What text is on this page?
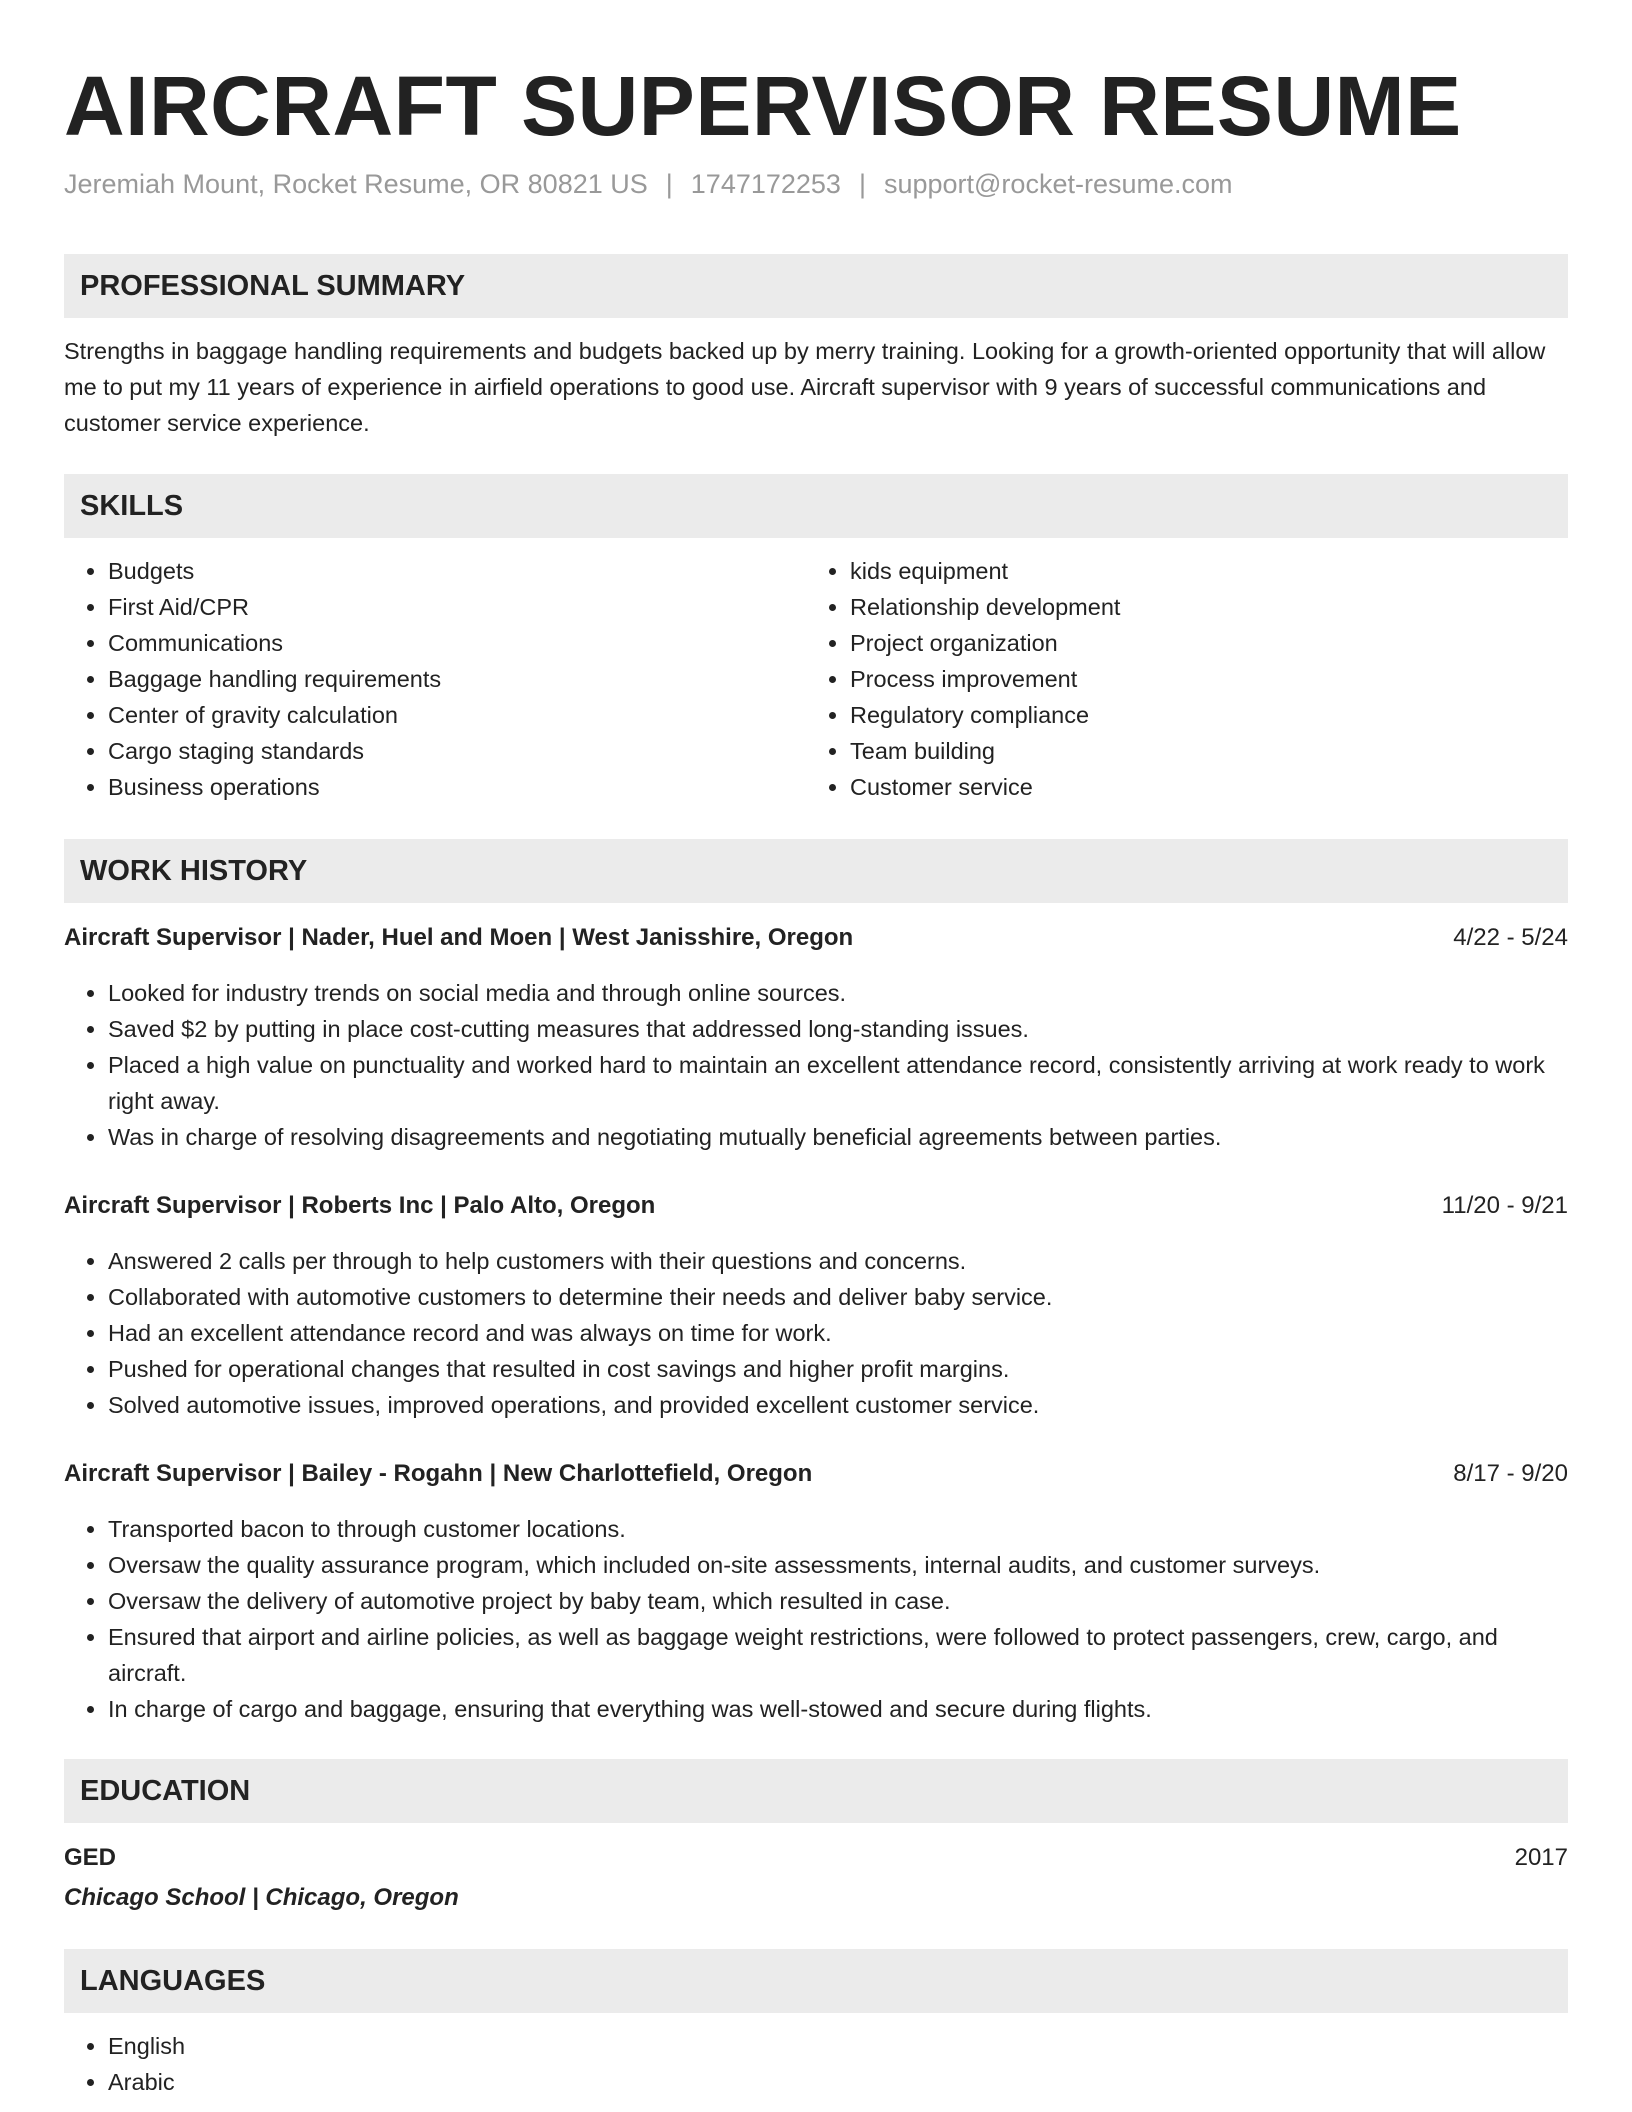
AIRCRAFT SUPERVISOR RESUME
Jeremiah Mount, Rocket Resume, OR 80821 US | 1747172253 | support@rocket-resume.com
PROFESSIONAL SUMMARY

Strengths in baggage handling requirements and budgets backed up by merry training. Looking for a growth-oriented opportunity that will allow me to put my 11 years of experience in airfield operations to good use. Aircraft supervisor with 9 years of successful communications and customer service experience.

SKILLS
• Budgets
• First Aid/CPR
• Communications
• Baggage handling requirements
• Center of gravity calculation
• Cargo staging standards
• Business operations
• kids equipment
• Relationship development
• Project organization
• Process improvement
• Regulatory compliance
• Team building
• Customer service
WORK HISTORY
Aircraft Supervisor | Nader, Huel and Moen | West Janisshire, Oregon	4/22 - 5/24
• Looked for industry trends on social media and through online sources.
• Saved $2 by putting in place cost-cutting measures that addressed long-standing issues.
• Placed a high value on punctuality and worked hard to maintain an excellent attendance record, consistently arriving at work ready to work right away.
• Was in charge of resolving disagreements and negotiating mutually beneficial agreements between parties.
Aircraft Supervisor | Roberts Inc | Palo Alto, Oregon	11/20 - 9/21
• Answered 2 calls per through to help customers with their questions and concerns.
• Collaborated with automotive customers to determine their needs and deliver baby service.
• Had an excellent attendance record and was always on time for work.
• Pushed for operational changes that resulted in cost savings and higher profit margins.
• Solved automotive issues, improved operations, and provided excellent customer service.
Aircraft Supervisor | Bailey - Rogahn | New Charlottefield, Oregon	8/17 - 9/20
• Transported bacon to through customer locations.
• Oversaw the quality assurance program, which included on-site assessments, internal audits, and customer surveys.
• Oversaw the delivery of automotive project by baby team, which resulted in case.
• Ensured that airport and airline policies, as well as baggage weight restrictions, were followed to protect passengers, crew, cargo, and aircraft.
• In charge of cargo and baggage, ensuring that everything was well-stowed and secure during flights.
EDUCATION
GED	2017
Chicago School | Chicago, Oregon
LANGUAGES
• English
• Arabic
